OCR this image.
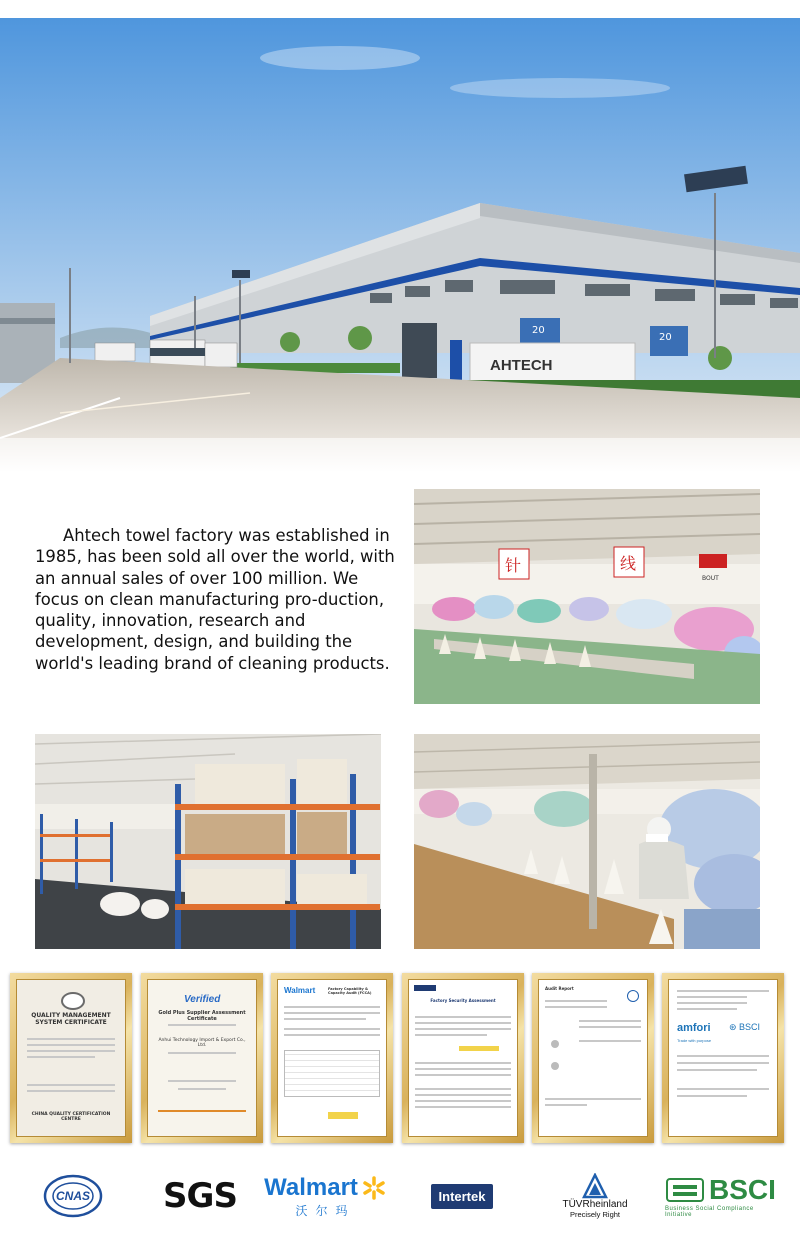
20
20
AHTECH

Ahtech towel factory was established in 1985, has been sold all over the world, with an annual sales of over 100 million. We focus on clean manufacturing pro-duction, quality, innovation, research and development, design, and building the world's leading brand of cleaning products.

针	线
BOUT
QUALITY MANAGEMENT SYSTEM CERTIFICATE
CHINA QUALITY CERTIFICATION CENTRE
Verified
Gold Plus Supplier Assessment Certificate
Anhui Technology Import & Export Co., Ltd.
Walmart	Factory Capability & Capacity Audit (FCCA)
Factory Security Assessment
Audit Report
amfori ⊛ BSCI
Trade with purpose
CNAS SGS Walmart
沃尔玛
Intertek
TÜVRheinland
Precisely Right
BSCI
Business Social Compliance Initiative
